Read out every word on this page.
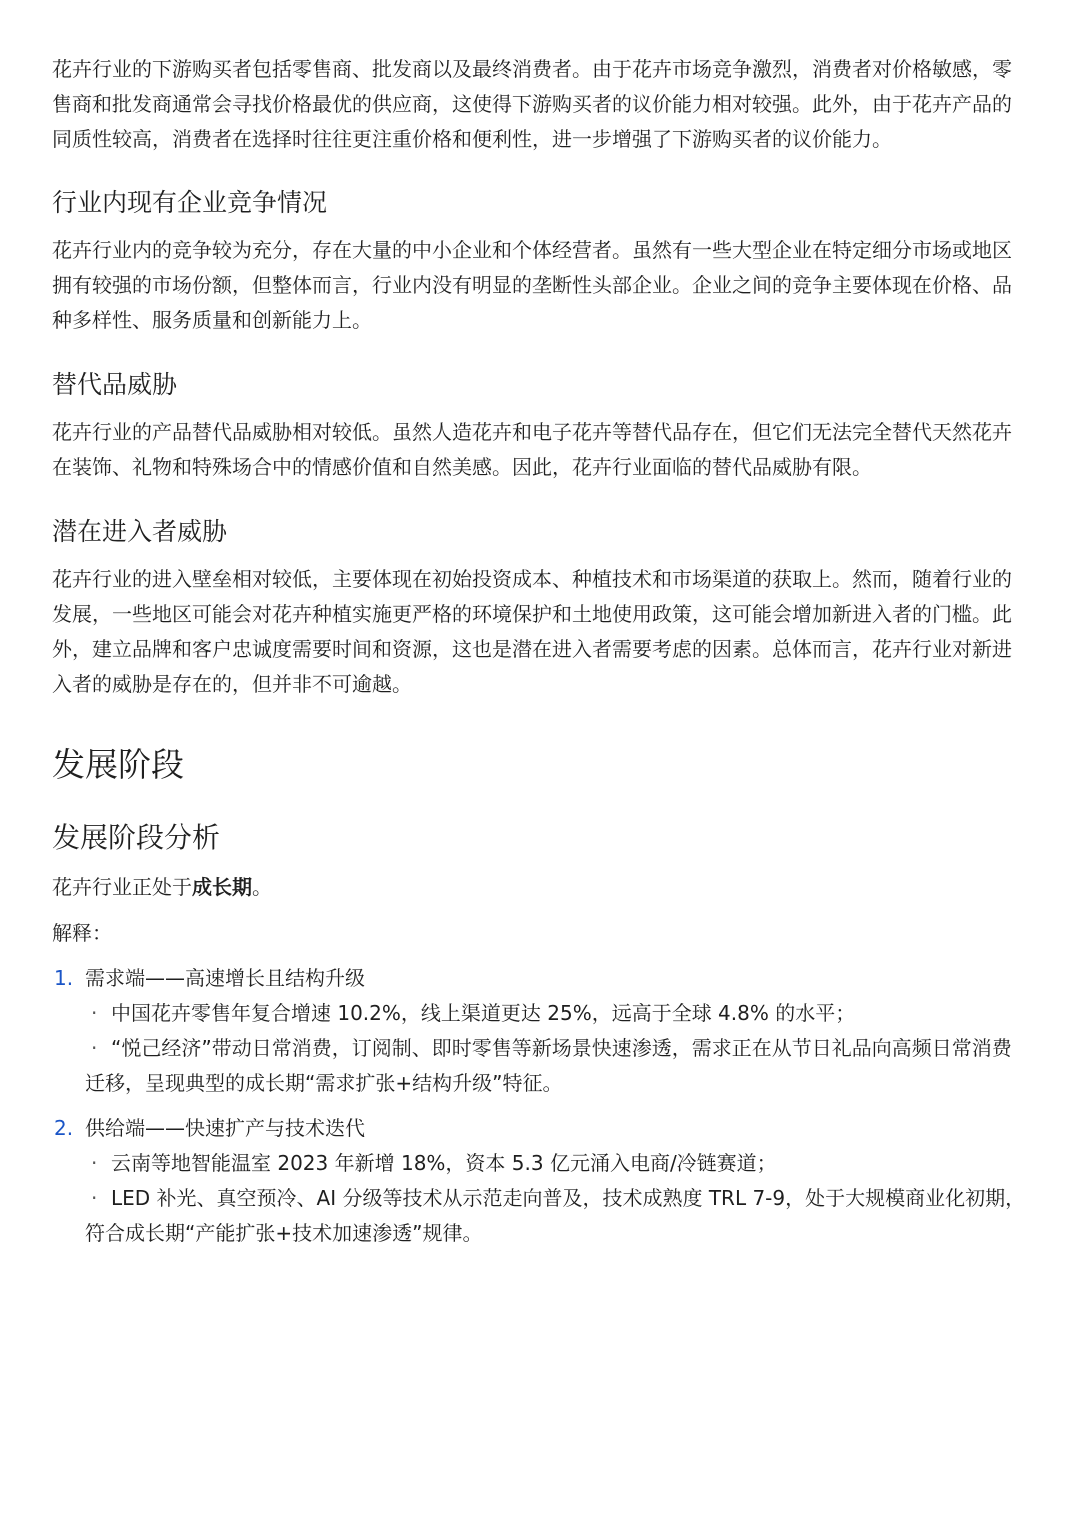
花卉行业的下游购买者包括零售商、批发商以及最终消费者。由于花卉市场竞争激烈，消费者对价格敏感，零售商和批发商通常会寻找价格最优的供应商，这使得下游购买者的议价能力相对较强。此外，由于花卉产品的同质性较高，消费者在选择时往往更注重价格和便利性，进一步增强了下游购买者的议价能力。

行业内现有企业竞争情况

花卉行业内的竞争较为充分，存在大量的中小企业和个体经营者。虽然有一些大型企业在特定细分市场或地区拥有较强的市场份额，但整体而言，行业内没有明显的垄断性头部企业。企业之间的竞争主要体现在价格、品种多样性、服务质量和创新能力上。

替代品威胁

花卉行业的产品替代品威胁相对较低。虽然人造花卉和电子花卉等替代品存在，但它们无法完全替代天然花卉在装饰、礼物和特殊场合中的情感价值和自然美感。因此，花卉行业面临的替代品威胁有限。

潜在进入者威胁

花卉行业的进入壁垒相对较低，主要体现在初始投资成本、种植技术和市场渠道的获取上。然而，随着行业的发展，一些地区可能会对花卉种植实施更严格的环境保护和土地使用政策，这可能会增加新进入者的门槛。此外，建立品牌和客户忠诚度需要时间和资源，这也是潜在进入者需要考虑的因素。总体而言，花卉行业对新进入者的威胁是存在的，但并非不可逾越。

发展阶段
发展阶段分析

花卉行业正处于成长期。

解释：

1. 需求端——高速增长且结构升级
· 中国花卉零售年复合增速 10.2%，线上渠道更达 25%，远高于全球 4.8% 的水平；
· “悦己经济”带动日常消费，订阅制、即时零售等新场景快速渗透，需求正在从节日礼品向高频日常消费迁移，呈现典型的成长期“需求扩张+结构升级”特征。
2. 供给端——快速扩产与技术迭代
· 云南等地智能温室 2023 年新增 18%，资本 5.3 亿元涌入电商/冷链赛道；
· LED 补光、真空预冷、AI 分级等技术从示范走向普及，技术成熟度 TRL 7-9，处于大规模商业化初期，符合成长期“产能扩张+技术加速渗透”规律。
